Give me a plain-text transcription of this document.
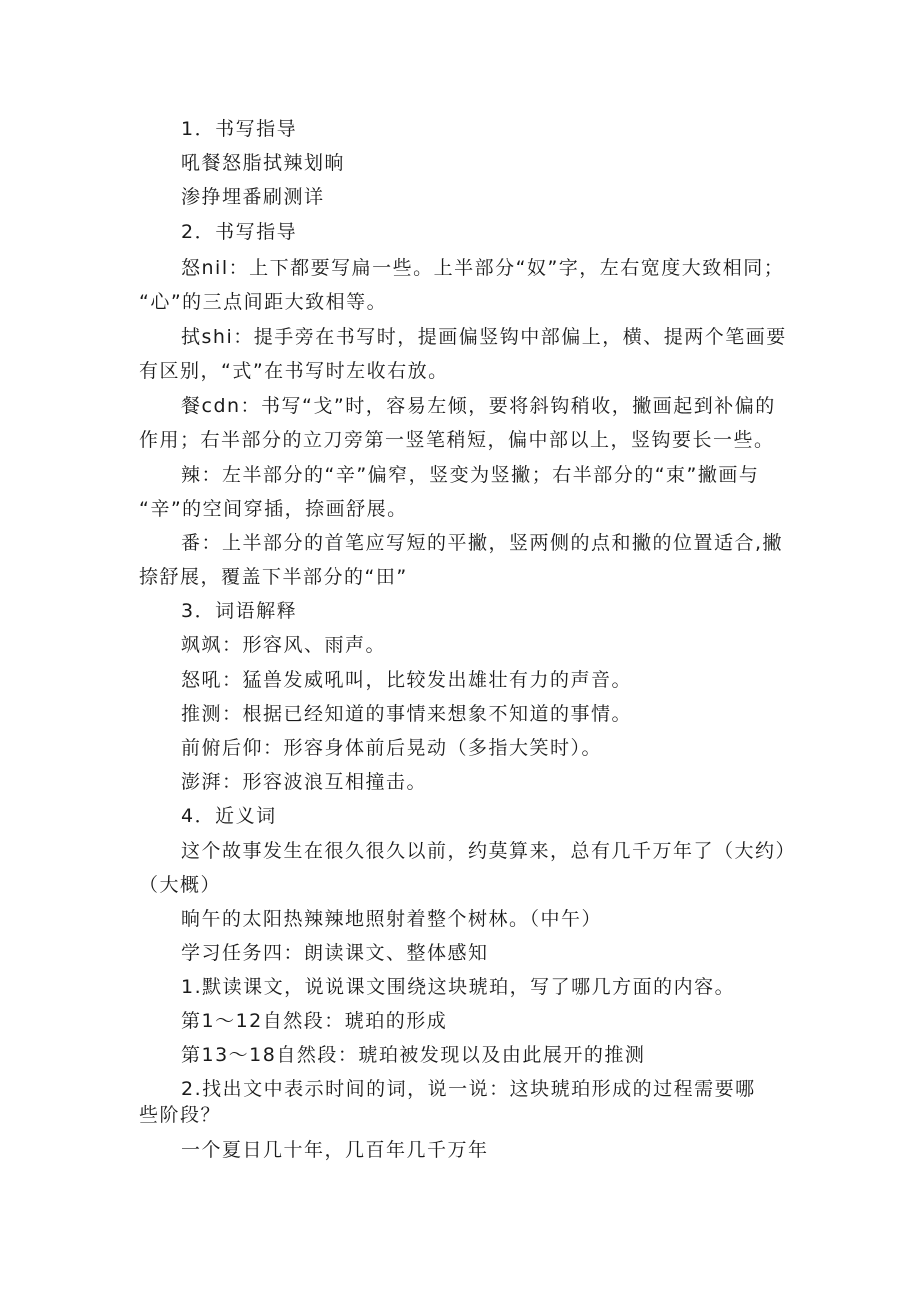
1．书写指导
吼餐怒脂拭辣划晌
渗挣埋番刷测详
2．书写指导
怒nil：上下都要写扁一些。上半部分“奴”字，左右宽度大致相同；
“心”的三点间距大致相等。
拭shi：提手旁在书写时，提画偏竖钩中部偏上，横、提两个笔画要
有区别，“式”在书写时左收右放。
餐cdn：书写“戈”时，容易左倾，要将斜钩稍收，撇画起到补偏的
作用；右半部分的立刀旁第一竖笔稍短，偏中部以上，竖钩要长一些。
辣：左半部分的“辛”偏窄，竖变为竖撇；右半部分的“束”撇画与
“辛”的空间穿插，捺画舒展。
番：上半部分的首笔应写短的平撇，竖两侧的点和撇的位置适合,撇
捺舒展，覆盖下半部分的“田”
3．词语解释
飒飒：形容风、雨声。
怒吼：猛兽发威吼叫，比较发出雄壮有力的声音。
推测：根据已经知道的事情来想象不知道的事情。
前俯后仰：形容身体前后晃动（多指大笑时）。
澎湃：形容波浪互相撞击。
4．近义词
这个故事发生在很久很久以前，约莫算来，总有几千万年了（大约）
（大概）
晌午的太阳热辣辣地照射着整个树林。（中午）
学习任务四：朗读课文、整体感知
1.默读课文，说说课文围绕这块琥珀，写了哪几方面的内容。
第1～12自然段：琥珀的形成
第13～18自然段：琥珀被发现以及由此展开的推测
2.找出文中表示时间的词，说一说：这块琥珀形成的过程需要哪
些阶段？
一个夏日几十年，几百年几千万年
